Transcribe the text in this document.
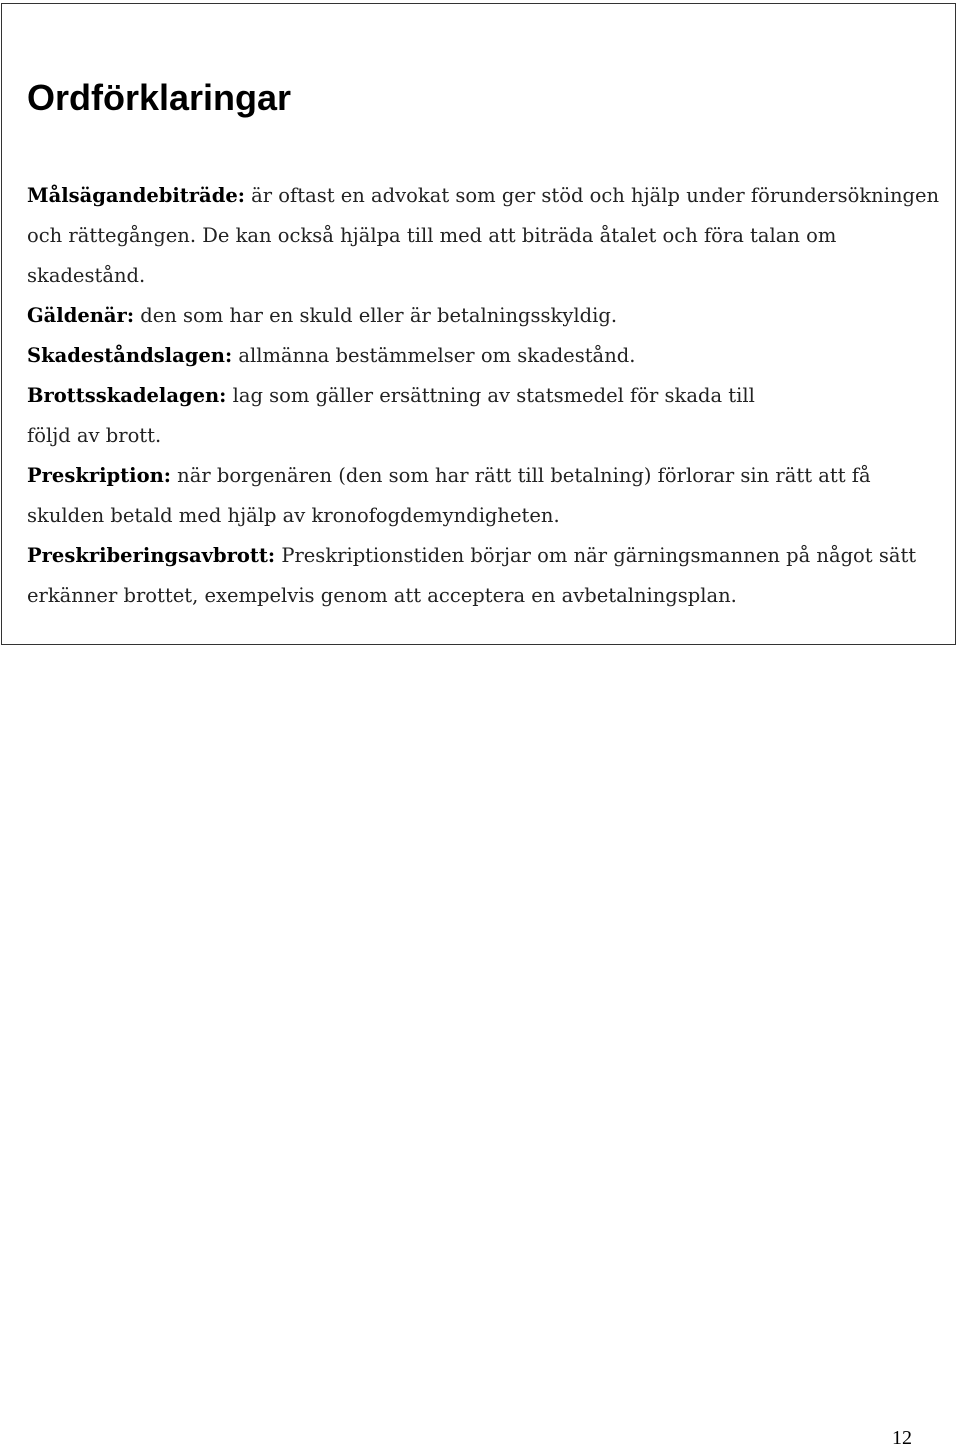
Ordförklaringar

Målsägandebiträde: är oftast en advokat som ger stöd och hjälp under förundersökningen och rättegången. De kan också hjälpa till med att biträda åtalet och föra talan om skadestånd.

Gäldenär: den som har en skuld eller är betalningsskyldig.

Skadeståndslagen: allmänna bestämmelser om skadestånd.

Brottsskadelagen: lag som gäller ersättning av statsmedel för skada till
följd av brott.

Preskription: när borgenären (den som har rätt till betalning) förlorar sin rätt att få skulden betald med hjälp av kronofogdemyndigheten.

Preskriberingsavbrott: Preskriptionstiden börjar om när gärningsmannen på något sätt erkänner brottet, exempelvis genom att acceptera en avbetalningsplan.

12
